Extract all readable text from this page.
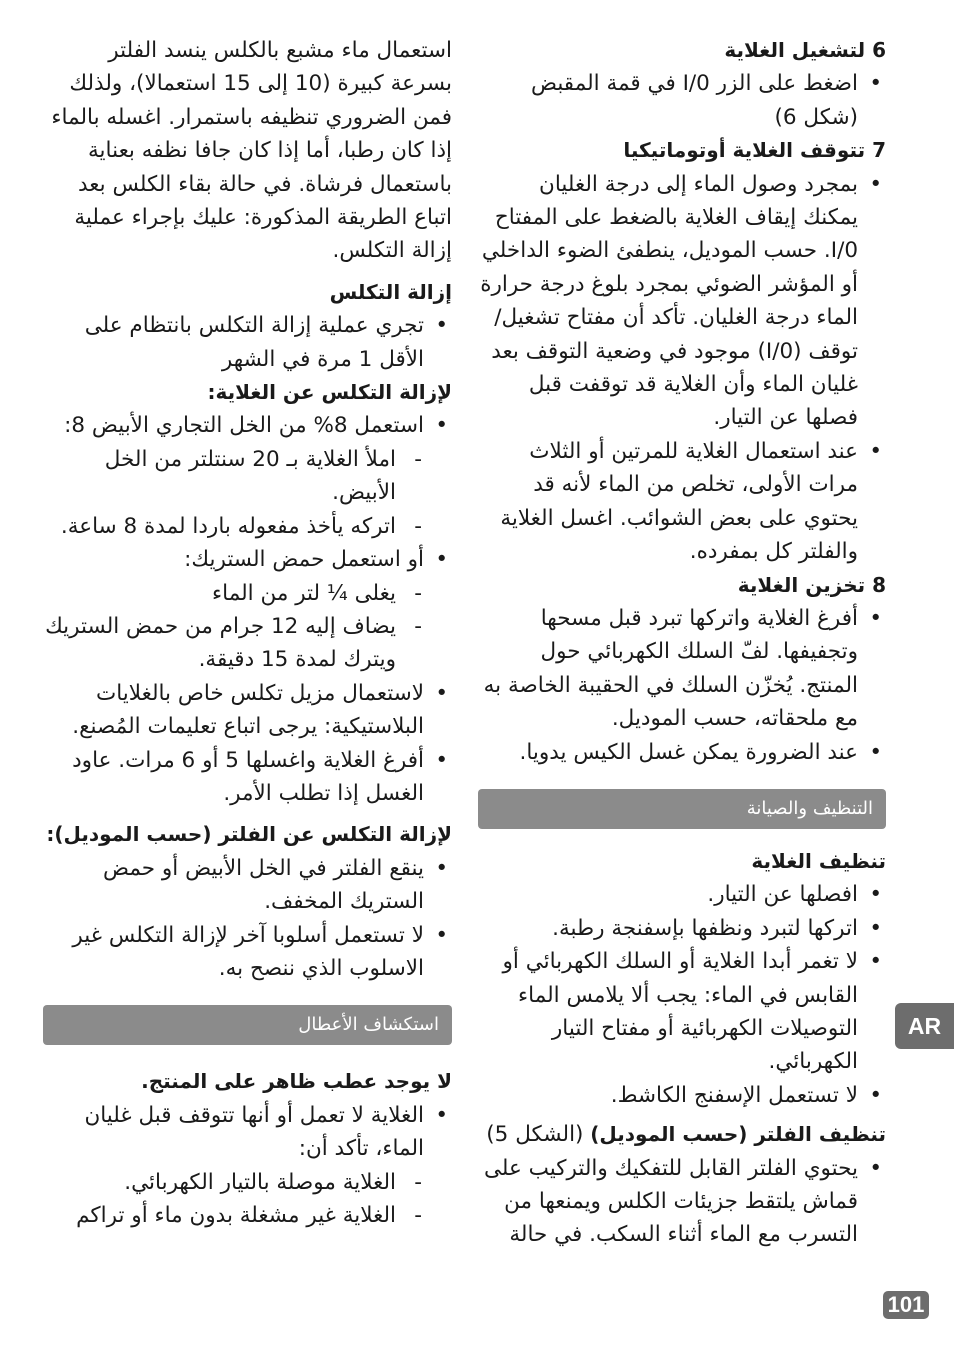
6 لتشغيل الغلاية

• اضغط على الزر I/0 في قمة المقبض (شكل 6)

7 تتوقف الغلاية أوتوماتيكيا

• بمجرد وصول الماء إلى درجة الغليان يمكنك إيقاف الغلاية بالضغط على المفتاح I/0. حسب الموديل، ينطفئ الضوء الداخلي أو المؤشر الضوئي بمجرد بلوغ درجة حرارة الماء درجة الغليان. تأكد أن مفتاح تشغيل/توقف (I/0) موجود في وضعية التوقف بعد غليان الماء وأن الغلاية قد توقفت قبل فصلها عن التيار.

• عند استعمال الغلاية للمرتين أو الثلاث مرات الأولى، تخلص من الماء لأنه قد يحتوي على بعض الشوائب. اغسل الغلاية والفلتر كل بمفرده.

8 تخزين الغلاية

• أفرغ الغلاية واتركها تبرد قبل مسحها وتجفيفها. لفّ السلك الكهربائي حول المنتج. يُخزّن السلك في الحقيبة الخاصة به مع ملحقاته، حسب الموديل.

• عند الضرورة يمكن غسل الكيس يدويا.

التنظيف والصيانة

تنظيف الغلاية

• افصلها عن التيار.

• اتركها لتبرد ونظفها بإسفنجة رطبة.

• لا تغمر أبدا الغلاية أو السلك الكهربائي أو القابس في الماء: يجب ألا يلامس الماء التوصيلات الكهربائية أو مفتاح التيار الكهربائي.

• لا تستعمل الإسفنج الكاشط.

تنظيف الفلتر (حسب الموديل) (الشكل 5)

• يحتوي الفلتر القابل للتفكيك والتركيب على قماش يلتقط جزيئات الكلس ويمنعها من التسرب مع الماء أثناء السكب. في حالة

استعمال ماء مشبع بالكلس ينسد الفلتر بسرعة كبيرة (10 إلى 15 استعمالا)، ولذلك فمن الضروري تنظيفه باستمرار. اغسله بالماء إذا كان رطبا، أما إذا كان جافا نظفه بعناية باستعمال فرشاة. في حالة بقاء الكلس بعد اتباع الطريقة المذكورة: عليك بإجراء عملية إزالة التكلس.

إزالة التكلس

• تجري عملية إزالة التكلس بانتظام على الأقل 1 مرة في الشهر

لإزالة التكلس عن الغلاية:

• استعمل 8% من الخل التجاري الأبيض 8:

- املأ الغلاية بـ 20 سنتلتر من الخل الأبيض.

- اتركه يأخذ مفعوله باردا لمدة 8 ساعة.

• أو استعمل حمض الستريك:

- يغلى ¼ لتر من الماء

- يضاف إليه 12 جرام من حمض الستريك ويترك لمدة 15 دقيقة.

• لاستعمال مزيل تكلس خاص بالغلايات البلاستيكية: يرجى اتباع تعليمات المُصنع.

• أفرغ الغلاية واغسلها 5 أو 6 مرات. عاود الغسل إذا تطلب الأمر.

لإزالة التكلس عن الفلتر (حسب الموديل):

• ينقع الفلتر في الخل الأبيض أو حمض الستريك المخفف.

• لا تستعمل أسلوبا آخر لإزالة التكلس غير الاسلوب الذي ننصح به.

استكشاف الأعطال

لا يوجد عطب ظاهر على المنتج.

• الغلاية لا تعمل أو أنها تتوقف قبل غليان الماء، تأكد أن:

- الغلاية موصلة بالتيار الكهربائي.

- الغلاية غير مشغلة بدون ماء أو تراكم

AR
101
